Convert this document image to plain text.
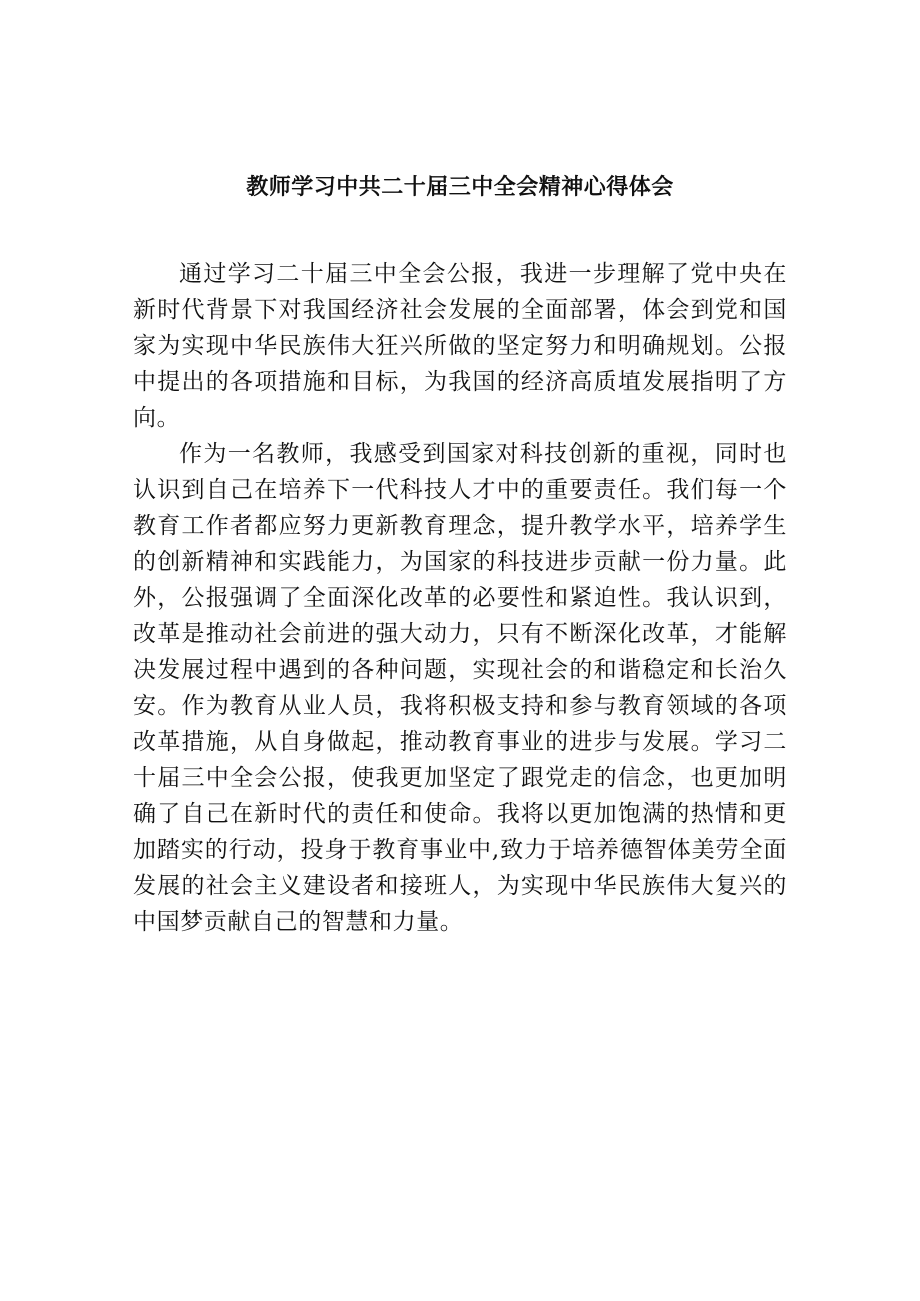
教师学习中共二十届三中全会精神心得体会

通过学习二十届三中全会公报，我进一步理解了党中央在新时代背景下对我国经济社会发展的全面部署，体会到党和国家为实现中华民族伟大狂兴所做的坚定努力和明确规划。公报中提出的各项措施和目标，为我国的经济高质埴发展指明了方向。

作为一名教师，我感受到国家对科技创新的重视，同时也认识到自己在培养下一代科技人才中的重要责任。我们每一个教育工作者都应努力更新教育理念，提升教学水平，培养学生的创新精神和实践能力，为国家的科技进步贡献一份力量。此外，公报强调了全面深化改革的必要性和紧迫性。我认识到，改革是推动社会前进的强大动力，只有不断深化改革，才能解决发展过程中遇到的各种问题，实现社会的和谐稳定和长治久安。作为教育从业人员，我将积极支持和参与教育领域的各项改革措施，从自身做起，推动教育事业的进步与发展。学习二十届三中全会公报，使我更加坚定了跟党走的信念，也更加明确了自己在新时代的责任和使命。我将以更加饱满的热情和更加踏实的行动，投身于教育事业中,致力于培养德智体美劳全面发展的社会主义建设者和接班人，为实现中华民族伟大复兴的中国梦贡献自己的智慧和力量。
